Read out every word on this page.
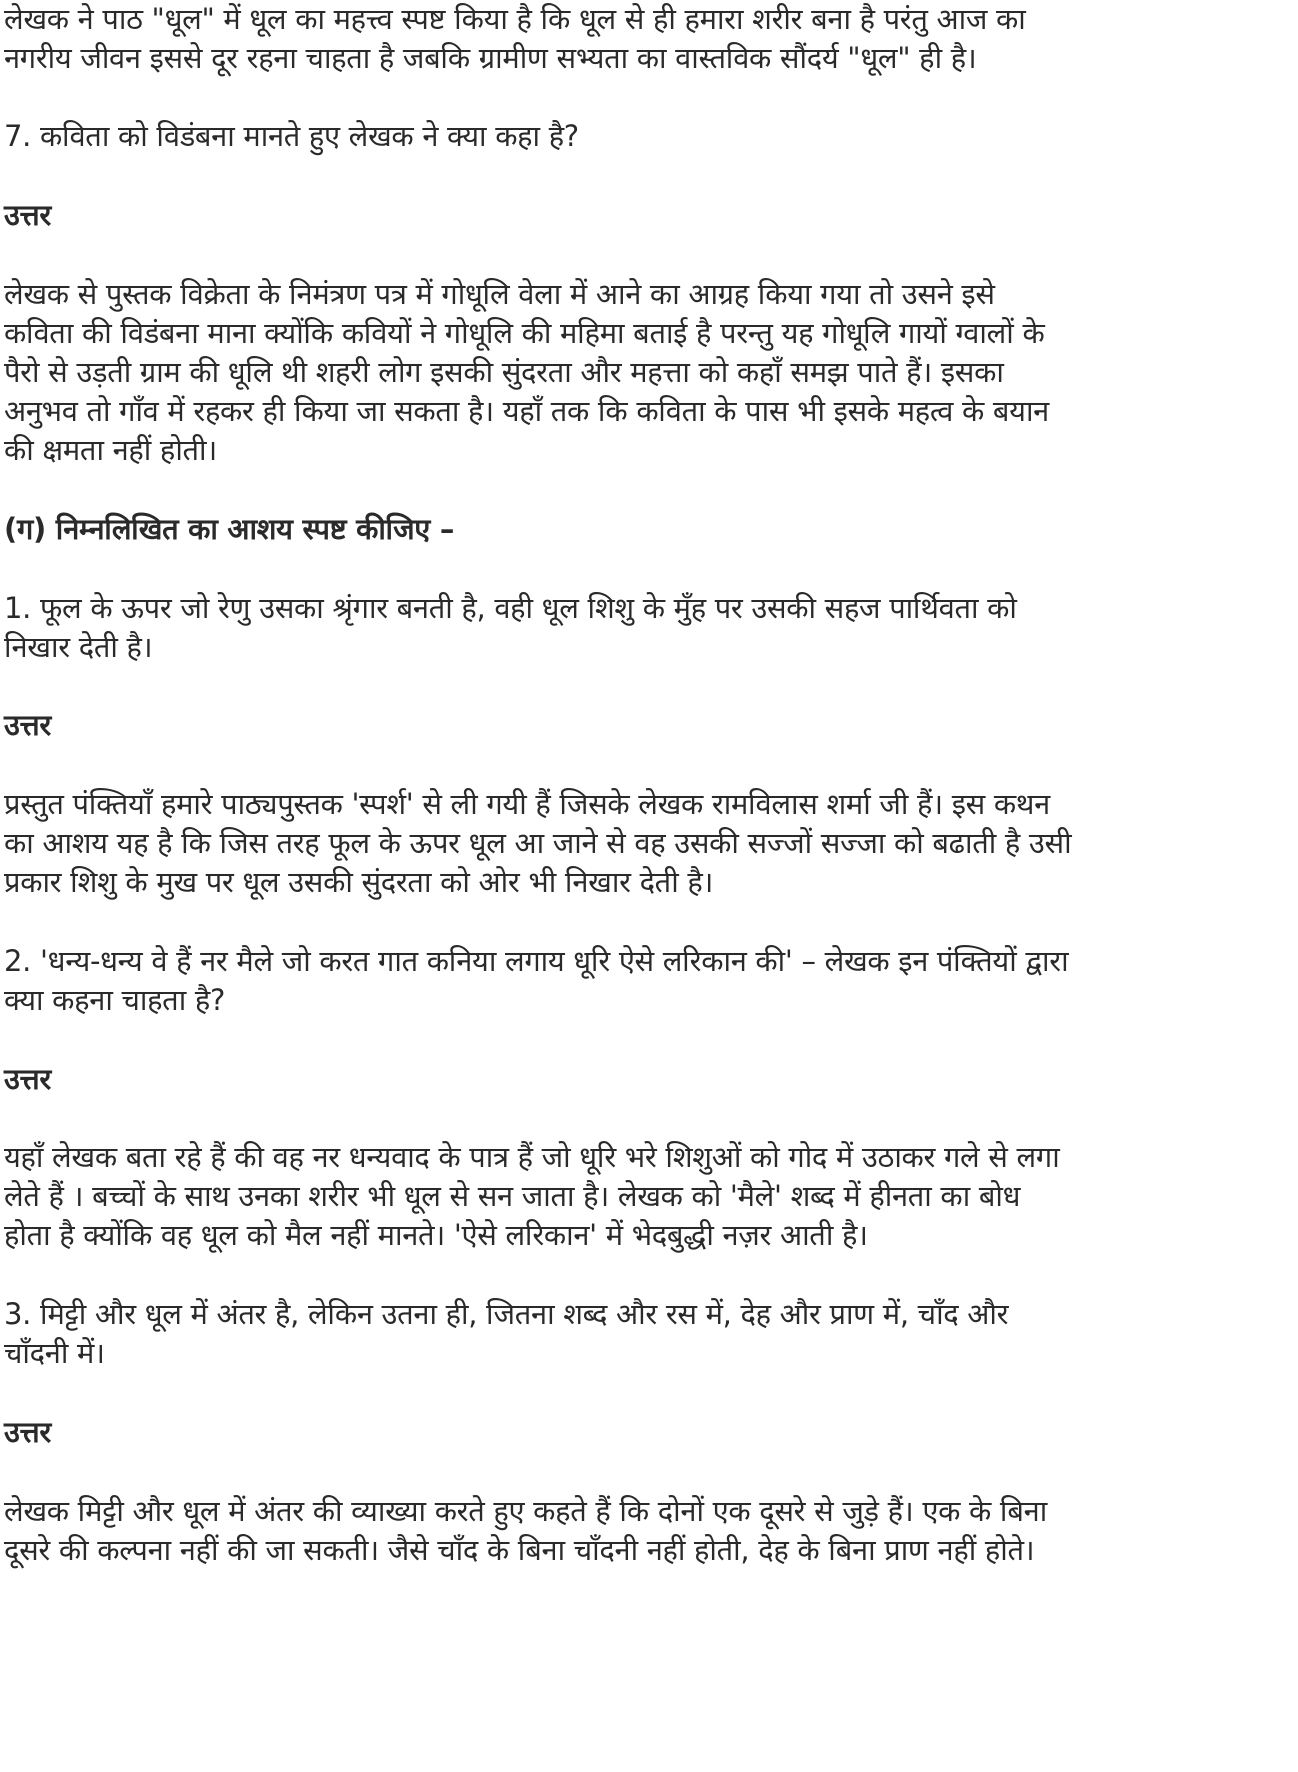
लेखक ने पाठ "धूल" में धूल का महत्त्व स्पष्ट किया है कि धूल से ही हमारा शरीर बना है परंतु आज का
नगरीय जीवन इससे दूर रहना चाहता है जबकि ग्रामीण सभ्यता का वास्तविक सौंदर्य "धूल" ही है।
7. कविता को विडंबना मानते हुए लेखक ने क्या कहा है?
उत्तर
लेखक से पुस्तक विक्रेता के निमंत्रण पत्र में गोधूलि वेला में आने का आग्रह किया गया तो उसने इसे
कविता की विडंबना माना क्योंकि कवियों ने गोधूलि की महिमा बताई है परन्तु यह गोधूलि गायों ग्वालों के
पैरो से उड़ती ग्राम की धूलि थी शहरी लोग इसकी सुंदरता और महत्ता को कहाँ समझ पाते हैं। इसका
अनुभव तो गाँव में रहकर ही किया जा सकता है। यहाँ तक कि कविता के पास भी इसके महत्व के बयान
की क्षमता नहीं होती।
(ग) निम्नलिखित का आशय स्पष्ट कीजिए –
1. फूल के ऊपर जो रेणु उसका श्रृंगार बनती है, वही धूल शिशु के मुँह पर उसकी सहज पार्थिवता को
निखार देती है।
उत्तर
प्रस्तुत पंक्तियाँ हमारे पाठ्यपुस्तक 'स्पर्श' से ली गयी हैं जिसके लेखक रामविलास शर्मा जी हैं। इस कथन
का आशय यह है कि जिस तरह फूल के ऊपर धूल आ जाने से वह उसकी सज्जों सज्जा को बढाती है उसी
प्रकार शिशु के मुख पर धूल उसकी सुंदरता को ओर भी निखार देती है।
2. 'धन्य-धन्य वे हैं नर मैले जो करत गात कनिया लगाय धूरि ऐसे लरिकान की' – लेखक इन पंक्तियों द्वारा
क्या कहना चाहता है?
उत्तर
यहाँ लेखक बता रहे हैं की वह नर धन्यवाद के पात्र हैं जो धूरि भरे शिशुओं को गोद में उठाकर गले से लगा
लेते हैं । बच्चों के साथ उनका शरीर भी धूल से सन जाता है। लेखक को 'मैले' शब्द में हीनता का बोध
होता है क्योंकि वह धूल को मैल नहीं मानते। 'ऐसे लरिकान' में भेदबुद्धी नज़र आती है।
3. मिट्टी और धूल में अंतर है, लेकिन उतना ही, जितना शब्द और रस में, देह और प्राण में, चाँद और
चाँदनी में।
उत्तर
लेखक मिट्टी और धूल में अंतर की व्याख्या करते हुए कहते हैं कि दोनों एक दूसरे से जुड़े हैं। एक के बिना
दूसरे की कल्पना नहीं की जा सकती। जैसे चाँद के बिना चाँदनी नहीं होती, देह के बिना प्राण नहीं होते।
